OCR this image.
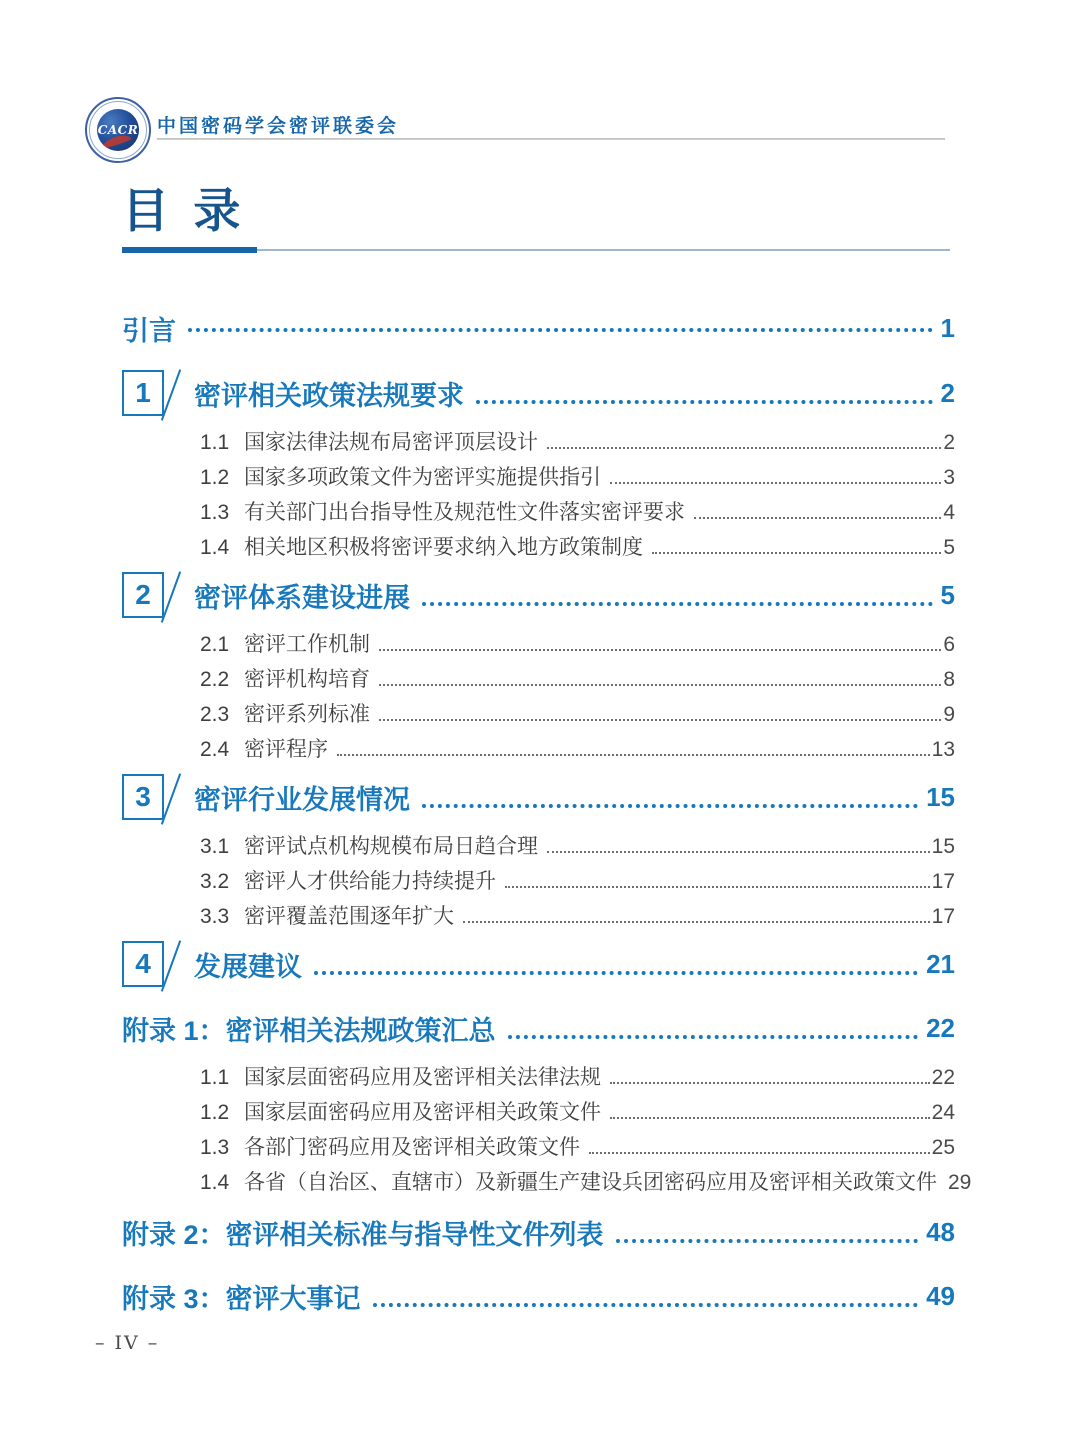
CACR 中国密码学会密评联委会
目 录
引言	1
1 密评相关政策法规要求	2
1.1 国家法律法规布局密评顶层设计	2
1.2 国家多项政策文件为密评实施提供指引	3
1.3 有关部门出台指导性及规范性文件落实密评要求	4
1.4 相关地区积极将密评要求纳入地方政策制度	5
2 密评体系建设进展	5
2.1 密评工作机制	6
2.2 密评机构培育	8
2.3 密评系列标准	9
2.4 密评程序	13
3 密评行业发展情况	15
3.1 密评试点机构规模布局日趋合理	15
3.2 密评人才供给能力持续提升	17
3.3 密评覆盖范围逐年扩大	17
4 发展建议	21
附录 1：密评相关法规政策汇总	22
1.1 国家层面密码应用及密评相关法律法规	22
1.2 国家层面密码应用及密评相关政策文件	24
1.3 各部门密码应用及密评相关政策文件	25
1.4 各省（自治区、直辖市）及新疆生产建设兵团密码应用及密评相关政策文件 29
附录 2：密评相关标准与指导性文件列表	48
附录 3：密评大事记	49
– IV –
